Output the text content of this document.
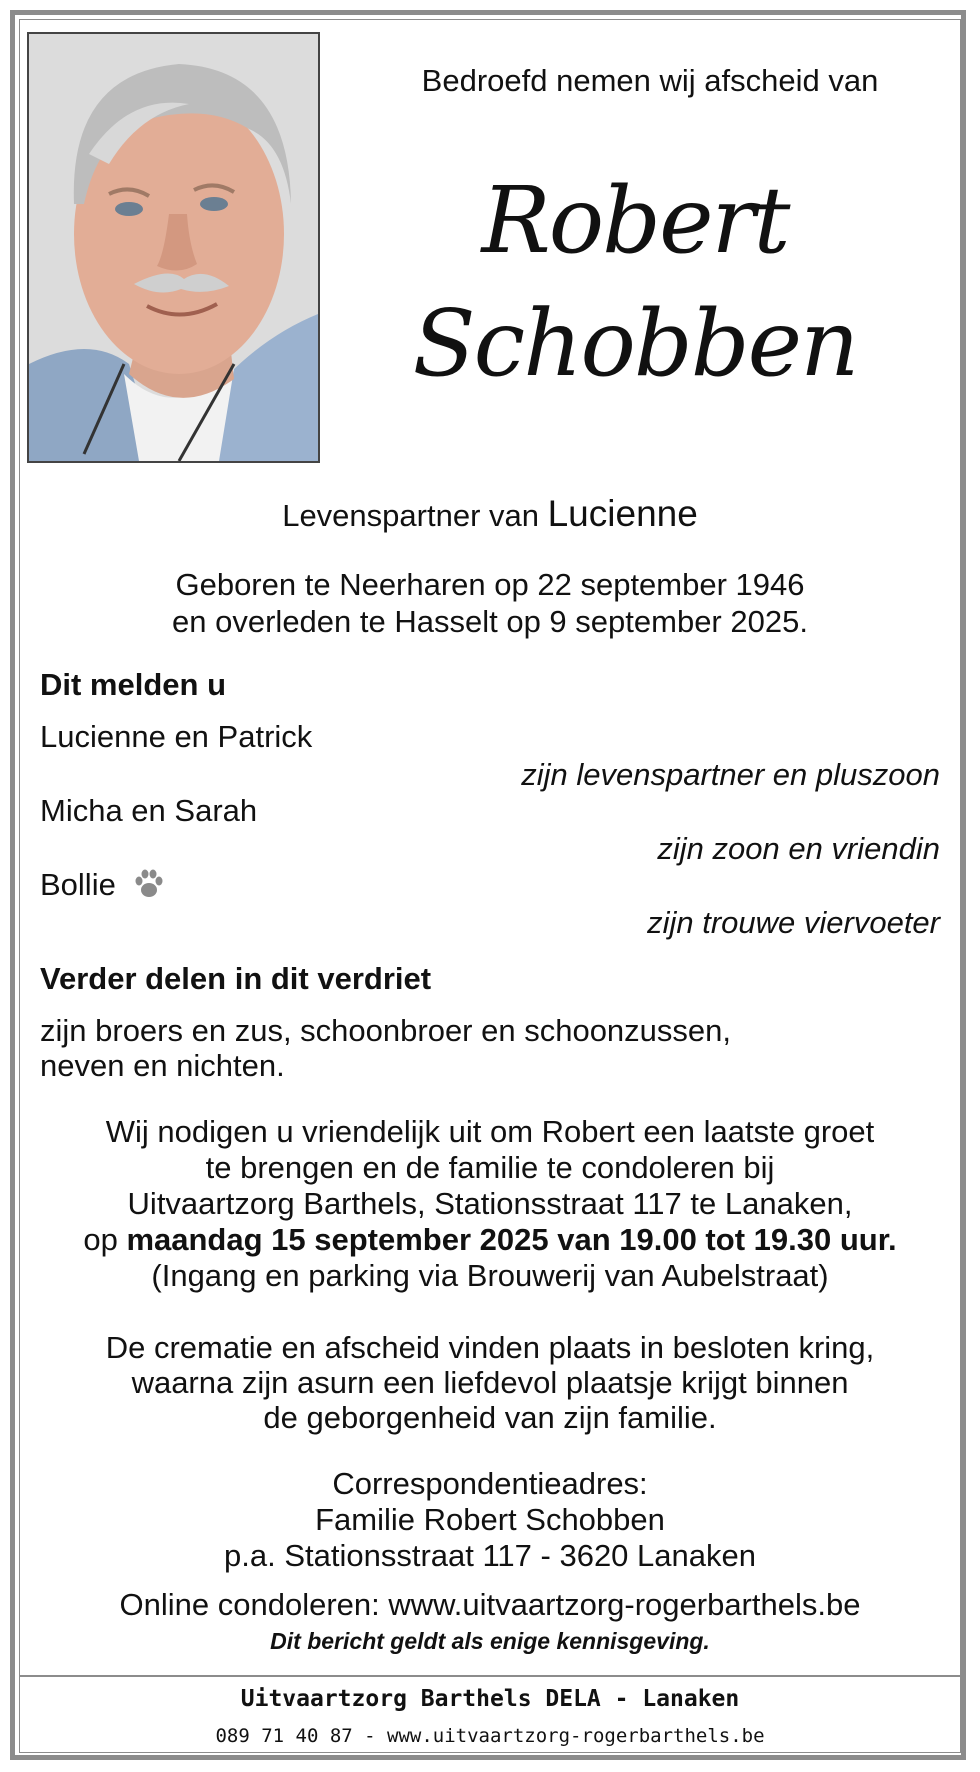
Bedroefd nemen wij afscheid van
Robert
Schobben
Levenspartner van Lucienne
Geboren te Neerharen op 22 september 1946
en overleden te Hasselt op 9 september 2025.
Dit melden u
Lucienne en Patrick
zijn levenspartner en pluszoon
Micha en Sarah
zijn zoon en vriendin
Bollie
zijn trouwe viervoeter
Verder delen in dit verdriet
zijn broers en zus, schoonbroer en schoonzussen,
neven en nichten.
Wij nodigen u vriendelijk uit om Robert een laatste groet
te brengen en de familie te condoleren bij
Uitvaartzorg Barthels, Stationsstraat 117 te Lanaken,
op maandag 15 september 2025 van 19.00 tot 19.30 uur.
(Ingang en parking via Brouwerij van Aubelstraat)
De crematie en afscheid vinden plaats in besloten kring,
waarna zijn asurn een liefdevol plaatsje krijgt binnen
de geborgenheid van zijn familie.
Correspondentieadres:
Familie Robert Schobben
p.a. Stationsstraat 117 - 3620 Lanaken
Online condoleren: www.uitvaartzorg-rogerbarthels.be
Dit bericht geldt als enige kennisgeving.
Uitvaartzorg Barthels DELA - Lanaken
089 71 40 87 - www.uitvaartzorg-rogerbarthels.be
